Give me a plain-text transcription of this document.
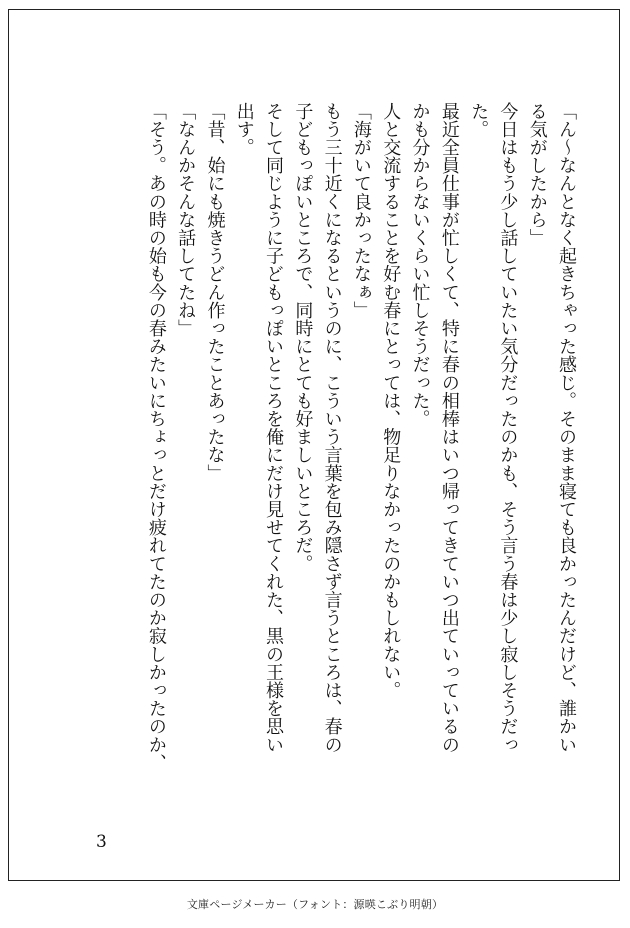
「ん〜なんとなく起きちゃった感じ。そのまま寝ても良かったんだけど、誰かい
る気がしたから」
今日はもう少し話していたい気分だったのかも、そう言う春は少し寂しそうだっ
た。
最近全員仕事が忙しくて、特に春の相棒はいつ帰ってきていつ出ていっているの
かも分からないくらい忙しそうだった。
人と交流することを好む春にとっては、物足りなかったのかもしれない。
「海がいて良かったなぁ」
もう三十近くになるというのに、こういう言葉を包み隠さず言うところは、春の
子どもっぽいところで、同時にとても好ましいところだ。
そして同じように子どもっぽいところを俺にだけ見せてくれた、黒の王様を思い
出す。
「昔、始にも焼きうどん作ったことあったな」
「なんかそんな話してたね」
「そう。あの時の始も今の春みたいにちょっとだけ疲れてたのか寂しかったのか、
3
文庫ページメーカー（フォント：源暎こぶり明朝）
